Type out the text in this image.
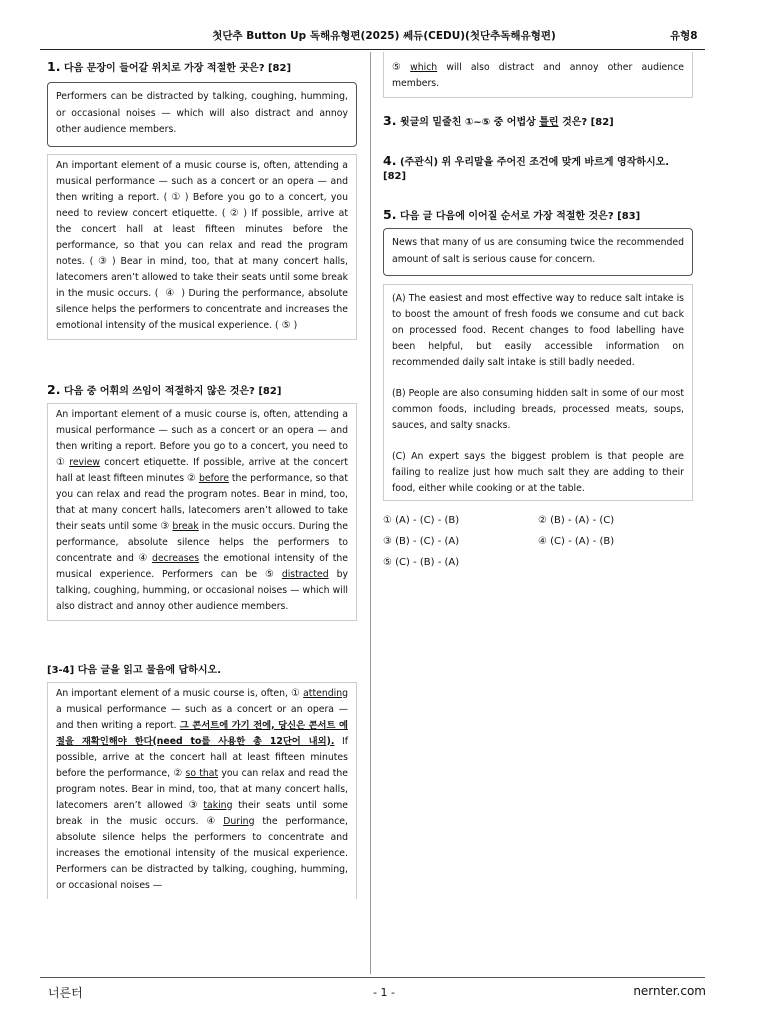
첫단추 Button Up 독해유형편(2025) 쎄듀(CEDU)(첫단추독해유형편)	유형8
1. 다음 문장이 들어갈 위치로 가장 적절한 곳은? [82]
Performers can be distracted by talking, coughing, humming, or occasional noises — which will also distract and annoy other audience members.

An important element of a music course is, often, attending a musical performance — such as a concert or an opera — and then writing a report. ( ① ) Before you go to a concert, you need to review concert etiquette. ( ② ) If possible, arrive at the concert hall at least fifteen minutes before the performance, so that you can relax and read the program notes. ( ③ ) Bear in mind, too, that at many concert halls, latecomers aren’t allowed to take their seats until some break in the music occurs. ( ④ ) During the performance, absolute silence helps the performers to concentrate and increases the emotional intensity of the musical experience. ( ⑤ )

2. 다음 중 어휘의 쓰임이 적절하지 않은 것은? [82]

An important element of a music course is, often, attending a musical performance — such as a concert or an opera — and then writing a report. Before you go to a concert, you need to ① review concert etiquette. If possible, arrive at the concert hall at least fifteen minutes ② before the performance, so that you can relax and read the program notes. Bear in mind, too, that at many concert halls, latecomers aren’t allowed to take their seats until some ③ break in the music occurs. During the performance, absolute silence helps the performers to concentrate and ④ decreases the emotional intensity of the musical experience. Performers can be ⑤ distracted by talking, coughing, humming, or occasional noises — which will also distract and annoy other audience members.

[3-4] 다음 글을 읽고 물음에 답하시오.

An important element of a music course is, often, ① attending a musical performance — such as a concert or an opera — and then writing a report. 그 콘서트에 가기 전에, 당신은 콘서트 예절을 재확인해야 한다(need to를 사용한 총 12단어 내외). If possible, arrive at the concert hall at least fifteen minutes before the performance, ② so that you can relax and read the program notes. Bear in mind, too, that at many concert halls, latecomers aren’t allowed ③ taking their seats until some break in the music occurs. ④ During the performance, absolute silence helps the performers to concentrate and increases the emotional intensity of the musical experience. Performers can be distracted by talking, coughing, humming, or occasional noises —

⑤ which will also distract and annoy other audience members.

3. 윗글의 밑줄친 ①~⑤ 중 어법상 틀린 것은? [82]
4. (주관식) 위 우리말을 주어진 조건에 맞게 바르게 영작하시오. [82]
5. 다음 글 다음에 이어질 순서로 가장 적절한 것은? [83]
News that many of us are consuming twice the recommended amount of salt is serious cause for concern.

(A) The easiest and most effective way to reduce salt intake is to boost the amount of fresh foods we consume and cut back on processed food. Recent changes to food labelling have been helpful, but easily accessible information on recommended daily salt intake is still badly needed.

(B) People are also consuming hidden salt in some of our most common foods, including breads, processed meats, soups, sauces, and salty snacks.

(C) An expert says the biggest problem is that people are failing to realize just how much salt they are adding to their food, either while cooking or at the table.

① (A) - (C) - (B)	② (B) - (A) - (C)
③ (B) - (C) - (A)	④ (C) - (A) - (B)
⑤ (C) - (B) - (A)
너른터	- 1 -	nernter.com
